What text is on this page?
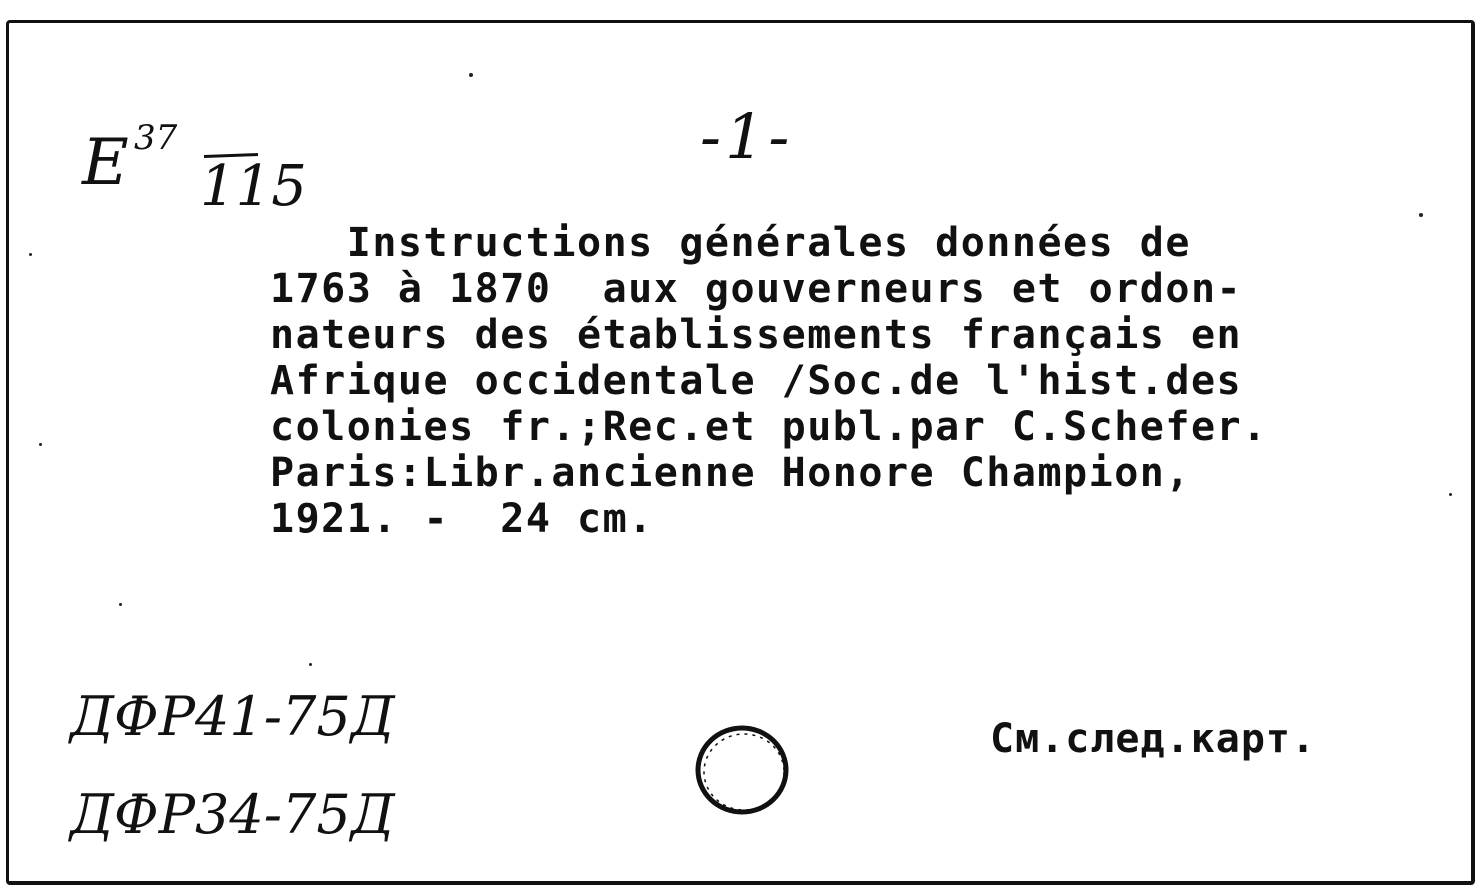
-1-
E 37
115
Instructions générales données de
1763 à 1870  aux gouverneurs et ordon-
nateurs des établissements français en
Afrique occidentale /Soc.de l'hist.des
colonies fr.;Rec.et publ.par C.Schefer.
Paris:Libr.ancienne Honore Champion,
1921. -  24 cm.
ДФР41-75Д
ДФР34-75Д
См.след.карт.
